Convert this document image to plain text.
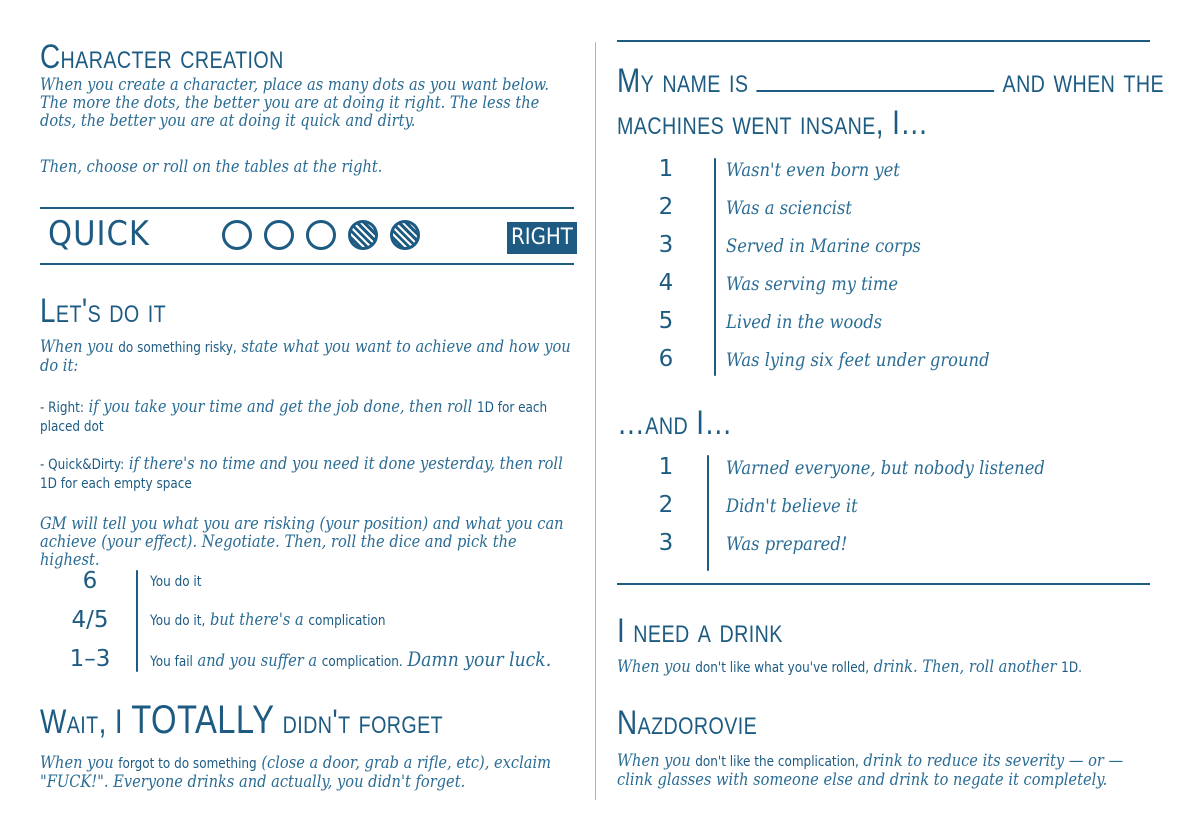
Character creation
When you create a character, place as many dots as you want below. The more the dots, the better you are at doing it right. The less the dots, the better you are at doing it quick and dirty.
Then, choose or roll on the tables at the right.
QUICK	RIGHT
Let's do it
When you do something risky, state what you want to achieve and how you do it:
- Right: if you take your time and get the job done, then roll 1D for each placed dot
- Quick&Dirty: if there's no time and you need it done yesterday, then roll 1D for each empty space
GM will tell you what you are risking (your position) and what you can achieve (your effect). Negotiate. Then, roll the dice and pick the highest.
6	You do it
4/5	You do it, but there's a complication
1–3	You fail and you suffer a complication. Damn your luck.
Wait, I TOTALLY didn't forget
When you forgot to do something (close a door, grab a rifle, etc), exclaim "FUCK!". Everyone drinks and actually, you didn't forget.
My name is	and when the
machines went insane, I…
1	Wasn't even born yet
2	Was a sciencist
3	Served in Marine corps
4	Was serving my time
5	Lived in the woods
6	Was lying six feet under ground
…and I…
1	Warned everyone, but nobody listened
2	Didn't believe it
3	Was prepared!
I need a drink
When you don't like what you've rolled, drink. Then, roll another 1D.
Nazdorovie
When you don't like the complication, drink to reduce its severity — or — clink glasses with someone else and drink to negate it completely.
